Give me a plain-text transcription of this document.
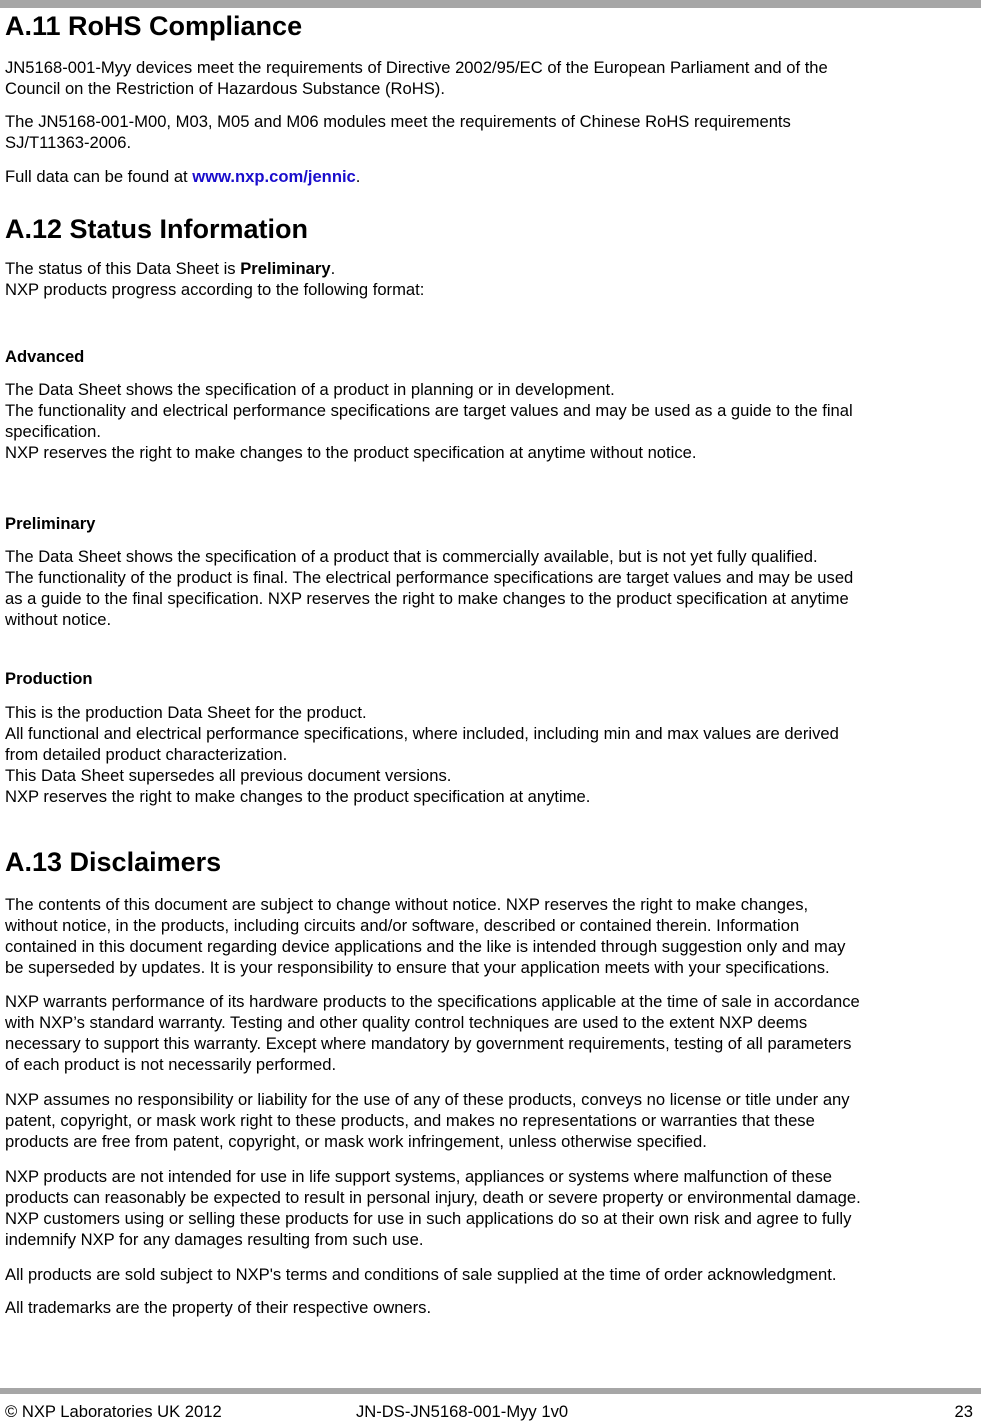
A.11 RoHS Compliance

JN5168-001-Myy devices meet the requirements of Directive 2002/95/EC of the European Parliament and of the
Council on the Restriction of Hazardous Substance (RoHS).

The JN5168-001-M00, M03, M05 and M06 modules meet the requirements of Chinese RoHS requirements
SJ/T11363-2006.

Full data can be found at www.nxp.com/jennic.

A.12 Status Information

The status of this Data Sheet is Preliminary.
NXP products progress according to the following format:

Advanced

The Data Sheet shows the specification of a product in planning or in development.
The functionality and electrical performance specifications are target values and may be used as a guide to the final
specification.
NXP reserves the right to make changes to the product specification at anytime without notice.

Preliminary

The Data Sheet shows the specification of a product that is commercially available, but is not yet fully qualified.
The functionality of the product is final. The electrical performance specifications are target values and may be used
as a guide to the final specification. NXP reserves the right to make changes to the product specification at anytime
without notice.

Production

This is the production Data Sheet for the product.
All functional and electrical performance specifications, where included, including min and max values are derived
from detailed product characterization.
This Data Sheet supersedes all previous document versions.
NXP reserves the right to make changes to the product specification at anytime.

A.13 Disclaimers

The contents of this document are subject to change without notice. NXP reserves the right to make changes,
without notice, in the products, including circuits and/or software, described or contained therein. Information
contained in this document regarding device applications and the like is intended through suggestion only and may
be superseded by updates. It is your responsibility to ensure that your application meets with your specifications.

NXP warrants performance of its hardware products to the specifications applicable at the time of sale in accordance
with NXP’s standard warranty. Testing and other quality control techniques are used to the extent NXP deems
necessary to support this warranty. Except where mandatory by government requirements, testing of all parameters
of each product is not necessarily performed.

NXP assumes no responsibility or liability for the use of any of these products, conveys no license or title under any
patent, copyright, or mask work right to these products, and makes no representations or warranties that these
products are free from patent, copyright, or mask work infringement, unless otherwise specified.

NXP products are not intended for use in life support systems, appliances or systems where malfunction of these
products can reasonably be expected to result in personal injury, death or severe property or environmental damage.
NXP customers using or selling these products for use in such applications do so at their own risk and agree to fully
indemnify NXP for any damages resulting from such use.

All products are sold subject to NXP's terms and conditions of sale supplied at the time of order acknowledgment.

All trademarks are the property of their respective owners.

© NXP Laboratories UK 2012	JN-DS-JN5168-001-Myy 1v0	23
